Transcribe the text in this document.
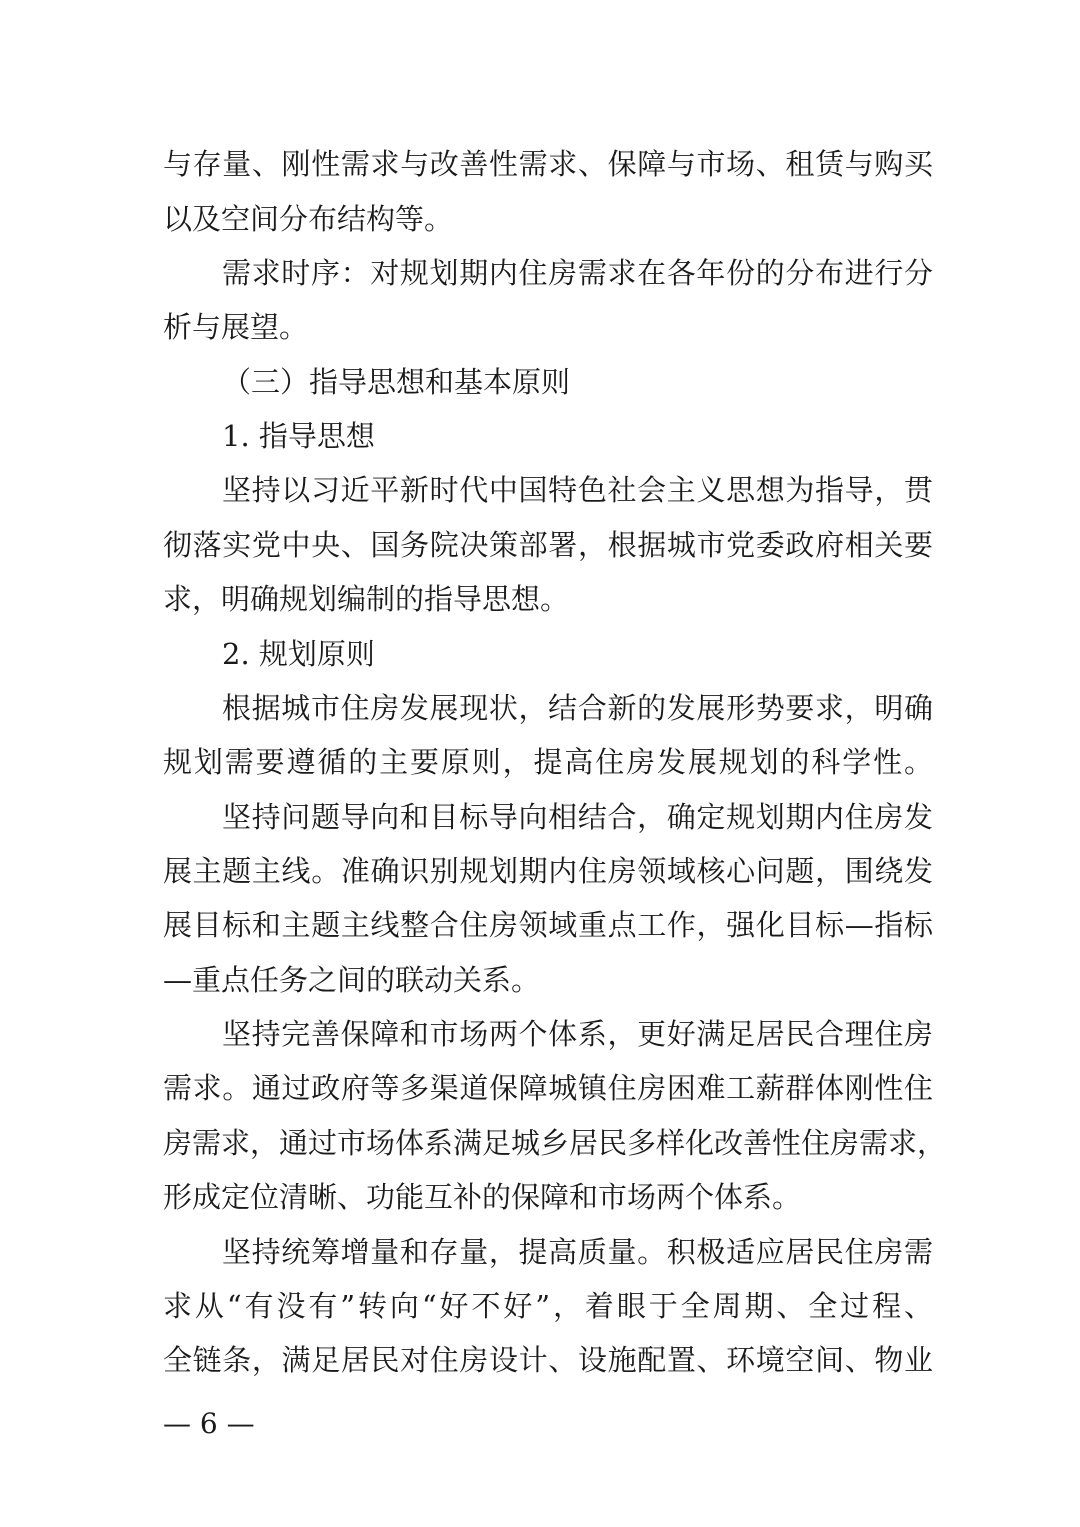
与存量、刚性需求与改善性需求、保障与市场、租赁与购买
以及空间分布结构等。
需求时序：对规划期内住房需求在各年份的分布进行分
析与展望。
（三）指导思想和基本原则
1. 指导思想
坚持以习近平新时代中国特色社会主义思想为指导，贯
彻落实党中央、国务院决策部署，根据城市党委政府相关要
求，明确规划编制的指导思想。
2. 规划原则
根据城市住房发展现状，结合新的发展形势要求，明确
规划需要遵循的主要原则，提高住房发展规划的科学性。
坚持问题导向和目标导向相结合，确定规划期内住房发
展主题主线。准确识别规划期内住房领域核心问题，围绕发
展目标和主题主线整合住房领域重点工作，强化目标—指标
—重点任务之间的联动关系。
坚持完善保障和市场两个体系，更好满足居民合理住房
需求。通过政府等多渠道保障城镇住房困难工薪群体刚性住
房需求，通过市场体系满足城乡居民多样化改善性住房需求，
形成定位清晰、功能互补的保障和市场两个体系。
坚持统筹增量和存量，提高质量。积极适应居民住房需
求从“有没有”转向“好不好”，着眼于全周期、全过程、
全链条，满足居民对住房设计、设施配置、环境空间、物业
— 6 —
